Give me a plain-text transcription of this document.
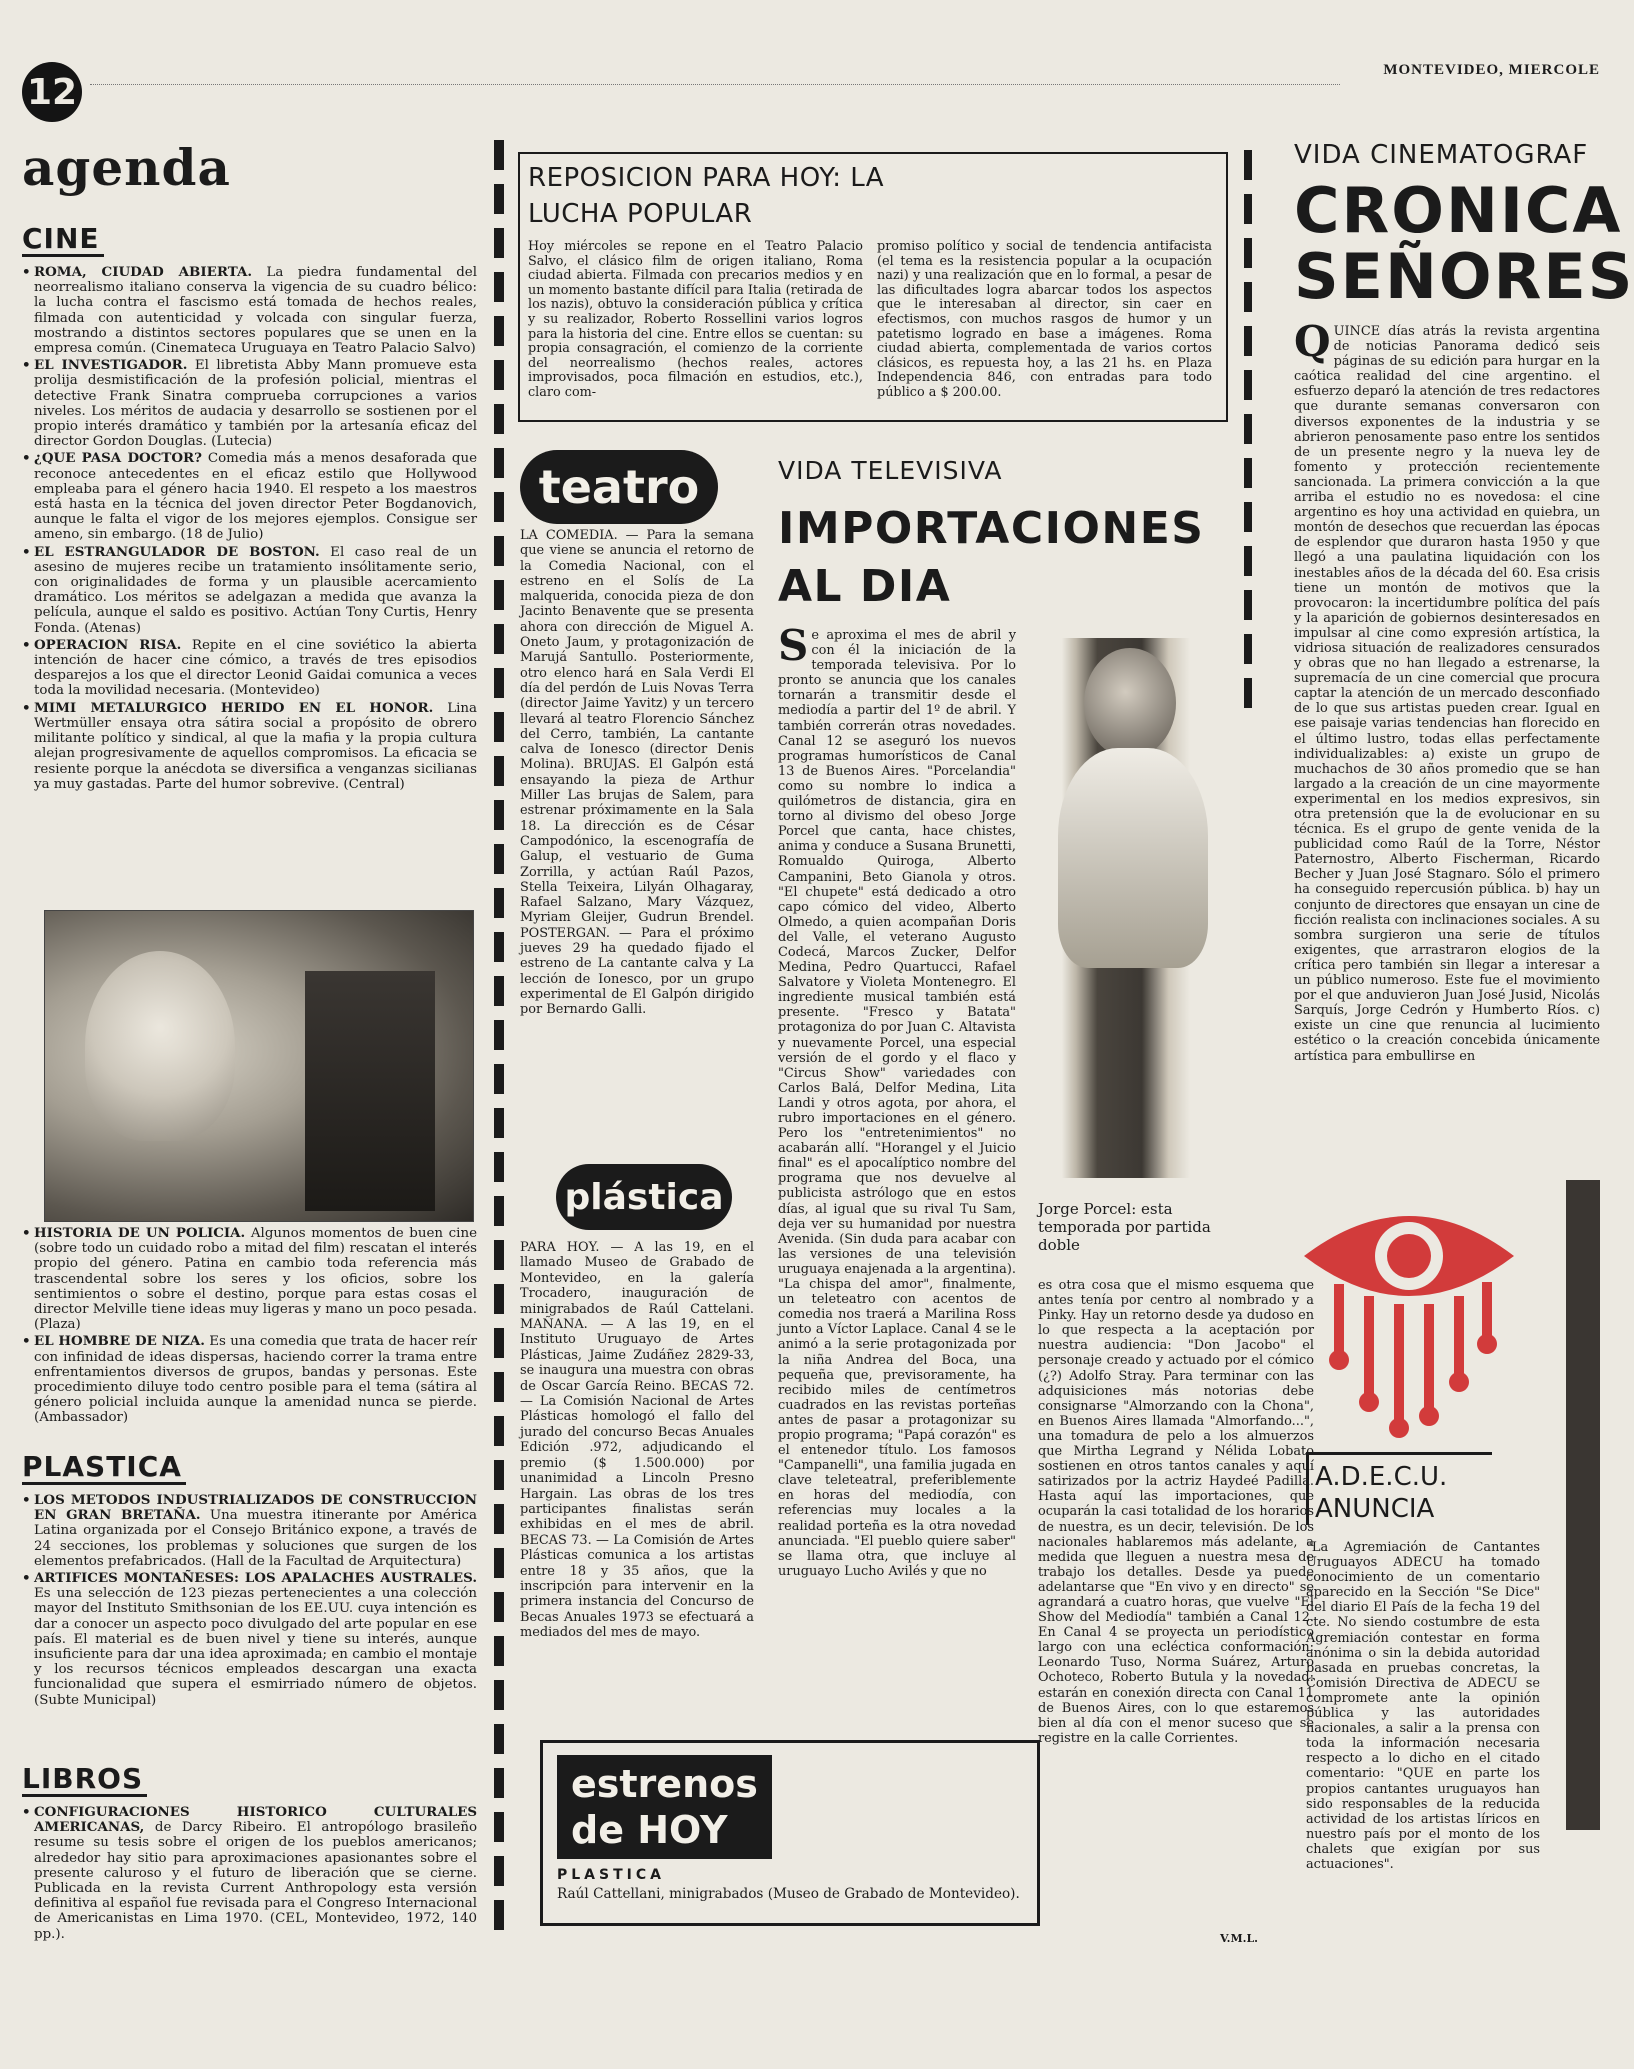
12
MONTEVIDEO, MIERCOLE
agenda
CINE
• ROMA, CIUDAD ABIERTA. La piedra fundamental del neorrealismo italiano conserva la vigencia de su cuadro bélico: la lucha contra el fascismo está tomada de hechos reales, filmada con autenticidad y volcada con singular fuerza, mostrando a distintos sectores populares que se unen en la empresa común. (Cinemateca Uruguaya en Teatro Palacio Salvo)
• EL INVESTIGADOR. El libretista Abby Mann promueve esta prolija desmistificación de la profesión policial, mientras el detective Frank Sinatra comprueba corrupciones a varios niveles. Los méritos de audacia y desarrollo se sostienen por el propio interés dramático y también por la artesanía eficaz del director Gordon Douglas. (Lutecia)
• ¿QUE PASA DOCTOR? Comedia más a menos desaforada que reconoce antecedentes en el eficaz estilo que Hollywood empleaba para el género hacia 1940. El respeto a los maestros está hasta en la técnica del joven director Peter Bogdanovich, aunque le falta el vigor de los mejores ejemplos. Consigue ser ameno, sin embargo. (18 de Julio)
• EL ESTRANGULADOR DE BOSTON. El caso real de un asesino de mujeres recibe un tratamiento insólitamente serio, con originalidades de forma y un plausible acercamiento dramático. Los méritos se adelgazan a medida que avanza la película, aunque el saldo es positivo. Actúan Tony Curtis, Henry Fonda. (Atenas)
• OPERACION RISA. Repite en el cine soviético la abierta intención de hacer cine cómico, a través de tres episodios desparejos a los que el director Leonid Gaidai comunica a veces toda la movilidad necesaria. (Montevideo)
• MIMI METALURGICO HERIDO EN EL HONOR. Lina Wertmüller ensaya otra sátira social a propósito de obrero militante político y sindical, al que la mafia y la propia cultura alejan progresivamente de aquellos compromisos. La eficacia se resiente porque la anécdota se diversifica a venganzas sicilianas ya muy gastadas. Parte del humor sobrevive. (Central)
• HISTORIA DE UN POLICIA. Algunos momentos de buen cine (sobre todo un cuidado robo a mitad del film) rescatan el interés propio del género. Patina en cambio toda referencia más trascendental sobre los seres y los oficios, sobre los sentimientos o sobre el destino, porque para estas cosas el director Melville tiene ideas muy ligeras y mano un poco pesada. (Plaza)
• EL HOMBRE DE NIZA. Es una comedia que trata de hacer reír con infinidad de ideas dispersas, haciendo correr la trama entre enfrentamientos diversos de grupos, bandas y personas. Este procedimiento diluye todo centro posible para el tema (sátira al género policial incluida aunque la amenidad nunca se pierde. (Ambassador)
PLASTICA
• LOS METODOS INDUSTRIALIZADOS DE CONSTRUCCION EN GRAN BRETAÑA. Una muestra itinerante por América Latina organizada por el Consejo Británico expone, a través de 24 secciones, los problemas y soluciones que surgen de los elementos prefabricados. (Hall de la Facultad de Arquitectura)
• ARTIFICES MONTAÑESES: LOS APALACHES AUSTRALES. Es una selección de 123 piezas pertenecientes a una colección mayor del Instituto Smithsonian de los EE.UU. cuya intención es dar a conocer un aspecto poco divulgado del arte popular en ese país. El material es de buen nivel y tiene su interés, aunque insuficiente para dar una idea aproximada; en cambio el montaje y los recursos técnicos empleados descargan una exacta funcionalidad que supera el esmirriado número de objetos. (Subte Municipal)
LIBROS
• CONFIGURACIONES HISTORICO CULTURALES AMERICANAS, de Darcy Ribeiro. El antropólogo brasileño resume su tesis sobre el origen de los pueblos americanos; alrededor hay sitio para aproximaciones apasionantes sobre el presente caluroso y el futuro de liberación que se cierne. Publicada en la revista Current Anthropology esta versión definitiva al español fue revisada para el Congreso Internacional de Americanistas en Lima 1970. (CEL, Montevideo, 1972, 140 pp.).
REPOSICION PARA HOY: LA LUCHA POPULAR

Hoy miércoles se repone en el Teatro Palacio Salvo, el clásico film de origen italiano, Roma ciudad abierta. Filmada con precarios medios y en un momento bastante difícil para Italia (retirada de los nazis), obtuvo la consideración pública y crítica y su realizador, Roberto Rossellini varios logros para la historia del cine. Entre ellos se cuentan: su propia consagración, el comienzo de la corriente del neorrealismo (hechos reales, actores improvisados, poca filmación en estudios, etc.), claro com-

promiso político y social de tendencia antifacista (el tema es la resistencia popular a la ocupación nazi) y una realización que en lo formal, a pesar de las dificultades logra abarcar todos los aspectos que le interesaban al director, sin caer en efectismos, con muchos rasgos de humor y un patetismo logrado en base a imágenes. Roma ciudad abierta, complementada de varios cortos clásicos, es repuesta hoy, a las 21 hs. en Plaza Independencia 846, con entradas para todo público a $ 200.00.

teatro

LA COMEDIA. — Para la semana que viene se anuncia el retorno de la Comedia Nacional, con el estreno en el Solís de La malquerida, conocida pieza de don Jacinto Benavente que se presenta ahora con dirección de Miguel A. Oneto Jaum, y protagonización de Marujá Santullo. Posteriormente, otro elenco hará en Sala Verdi El día del perdón de Luis Novas Terra (director Jaime Yavitz) y un tercero llevará al teatro Florencio Sánchez del Cerro, también, La cantante calva de Ionesco (director Denis Molina). BRUJAS. El Galpón está ensayando la pieza de Arthur Miller Las brujas de Salem, para estrenar próximamente en la Sala 18. La dirección es de César Campodónico, la escenografía de Galup, el vestuario de Guma Zorrilla, y actúan Raúl Pazos, Stella Teixeira, Lilyán Olhagaray, Rafael Salzano, Mary Vázquez, Myriam Gleijer, Gudrun Brendel. POSTERGAN. — Para el próximo jueves 29 ha quedado fijado el estreno de La cantante calva y La lección de Ionesco, por un grupo experimental de El Galpón dirigido por Bernardo Galli.

plástica

PARA HOY. — A las 19, en el llamado Museo de Grabado de Montevideo, en la galería Trocadero, inauguración de minigrabados de Raúl Cattelani. MAÑANA. — A las 19, en el Instituto Uruguayo de Artes Plásticas, Jaime Zudáñez 2829-33, se inaugura una muestra con obras de Oscar García Reino. BECAS 72. — La Comisión Nacional de Artes Plásticas homologó el fallo del jurado del concurso Becas Anuales Edición .972, adjudicando el premio ($ 1.500.000) por unanimidad a Lincoln Presno Hargain. Las obras de los tres participantes finalistas serán exhibidas en el mes de abril. BECAS 73. — La Comisión de Artes Plásticas comunica a los artistas entre 18 y 35 años, que la inscripción para intervenir en la primera instancia del Concurso de Becas Anuales 1973 se efectuará a mediados del mes de mayo.

estrenos
de HOY
PLASTICA

Raúl Cattellani, minigrabados (Museo de Grabado de Montevideo).

VIDA TELEVISIVA
IMPORTACIONES
AL DIA

Se aproxima el mes de abril y con él la iniciación de la temporada televisiva. Por lo pronto se anuncia que los canales tornarán a transmitir desde el mediodía a partir del 1º de abril. Y también correrán otras novedades. Canal 12 se aseguró los nuevos programas humorísticos de Canal 13 de Buenos Aires. "Porcelandia" como su nombre lo indica a quilómetros de distancia, gira en torno al divismo del obeso Jorge Porcel que canta, hace chistes, anima y conduce a Susana Brunetti, Romualdo Quiroga, Alberto Campanini, Beto Gianola y otros. "El chupete" está dedicado a otro capo cómico del video, Alberto Olmedo, a quien acompañan Doris del Valle, el veterano Augusto Codecá, Marcos Zucker, Delfor Medina, Pedro Quartucci, Rafael Salvatore y Violeta Montenegro. El ingrediente musical también está presente. "Fresco y Batata" protagoniza do por Juan C. Altavista y nuevamente Porcel, una especial versión de el gordo y el flaco y "Circus Show" variedades con Carlos Balá, Delfor Medina, Lita Landi y otros agota, por ahora, el rubro importaciones en el género. Pero los "entretenimientos" no acabarán allí. "Horangel y el Juicio final" es el apocalíptico nombre del programa que nos devuelve al publicista astrólogo que en estos días, al igual que su rival Tu Sam, deja ver su humanidad por nuestra Avenida. (Sin duda para acabar con las versiones de una televisión uruguaya enajenada a la argentina). "La chispa del amor", finalmente, un teleteatro con acentos de comedia nos traerá a Marilina Ross junto a Víctor Laplace. Canal 4 se le animó a la serie protagonizada por la niña Andrea del Boca, una pequeña que, previsoramente, ha recibido miles de centímetros cuadrados en las revistas porteñas antes de pasar a protagonizar su propio programa; "Papá corazón" es el entenedor título. Los famosos "Campanelli", una familia jugada en clave teleteatral, preferiblemente en horas del mediodía, con referencias muy locales a la realidad porteña es la otra novedad anunciada. "El pueblo quiere saber" se llama otra, que incluye al uruguayo Lucho Avilés y que no

Jorge Porcel: esta temporada por partida doble

es otra cosa que el mismo esquema que antes tenía por centro al nombrado y a Pinky. Hay un retorno desde ya dudoso en lo que respecta a la aceptación por nuestra audiencia: "Don Jacobo" el personaje creado y actuado por el cómico (¿?) Adolfo Stray. Para terminar con las adquisiciones más notorias debe consignarse "Almorzando con la Chona", en Buenos Aires llamada "Almorfando...", una tomadura de pelo a los almuerzos que Mirtha Legrand y Nélida Lobato sostienen en otros tantos canales y aquí satirizados por la actriz Haydeé Padilla. Hasta aquí las importaciones, que ocuparán la casi totalidad de los horarios de nuestra, es un decir, televisión. De los nacionales hablaremos más adelante, a medida que lleguen a nuestra mesa de trabajo los detalles. Desde ya puede adelantarse que "En vivo y en directo" se agrandará a cuatro horas, que vuelve "El Show del Mediodía" también a Canal 12. En Canal 4 se proyecta un periodístico largo con una ecléctica conformación: Leonardo Tuso, Norma Suárez, Arturo Ochoteco, Roberto Butula y la novedad: estarán en conexión directa con Canal 11 de Buenos Aires, con lo que estaremos bien al día con el menor suceso que se registre en la calle Corrientes.

V.M.L.
VIDA CINEMATOGRAF
CRONICA
SEÑORES

QUINCE días atrás la revista argentina de noticias Panorama dedicó seis páginas de su edición para hurgar en la caótica realidad del cine argentino. el esfuerzo deparó la atención de tres redactores que durante semanas conversaron con diversos exponentes de la industria y se abrieron penosamente paso entre los sentidos de un presente negro y la nueva ley de fomento y protección recientemente sancionada. La primera convicción a la que arriba el estudio no es novedosa: el cine argentino es hoy una actividad en quiebra, un montón de desechos que recuerdan las épocas de esplendor que duraron hasta 1950 y que llegó a una paulatina liquidación con los inestables años de la década del 60. Esa crisis tiene un montón de motivos que la provocaron: la incertidumbre política del país y la aparición de gobiernos desinteresados en impulsar al cine como expresión artística, la vidriosa situación de realizadores censurados y obras que no han llegado a estrenarse, la supremacía de un cine comercial que procura captar la atención de un mercado desconfiado de lo que sus artistas pueden crear. Igual en ese paisaje varias tendencias han florecido en el último lustro, todas ellas perfectamente individualizables: a) existe un grupo de muchachos de 30 años promedio que se han largado a la creación de un cine mayormente experimental en los medios expresivos, sin otra pretensión que la de evolucionar en su técnica. Es el grupo de gente venida de la publicidad como Raúl de la Torre, Néstor Paternostro, Alberto Fischerman, Ricardo Becher y Juan José Stagnaro. Sólo el primero ha conseguido repercusión pública. b) hay un conjunto de directores que ensayan un cine de ficción realista con inclinaciones sociales. A su sombra surgieron una serie de títulos exigentes, que arrastraron elogios de la crítica pero también sin llegar a interesar a un público numeroso. Este fue el movimiento por el que anduvieron Juan José Jusid, Nicolás Sarquís, Jorge Cedrón y Humberto Ríos. c) existe un cine que renuncia al lucimiento estético o la creación concebida únicamente artística para embullirse en

A.D.E.C.U.
ANUNCIA

"La Agremiación de Cantantes Uruguayos ADECU ha tomado conocimiento de un comentario aparecido en la Sección "Se Dice" del diario El País de la fecha 19 del cte. No siendo costumbre de esta Agremiación contestar en forma anónima o sin la debida autoridad basada en pruebas concretas, la Comisión Directiva de ADECU se compromete ante la opinión pública y las autoridades nacionales, a salir a la prensa con toda la información necesaria respecto a lo dicho en el citado comentario: "QUE en parte los propios cantantes uruguayos han sido responsables de la reducida actividad de los artistas líricos en nuestro país por el monto de los chalets que exigían por sus actuaciones".
